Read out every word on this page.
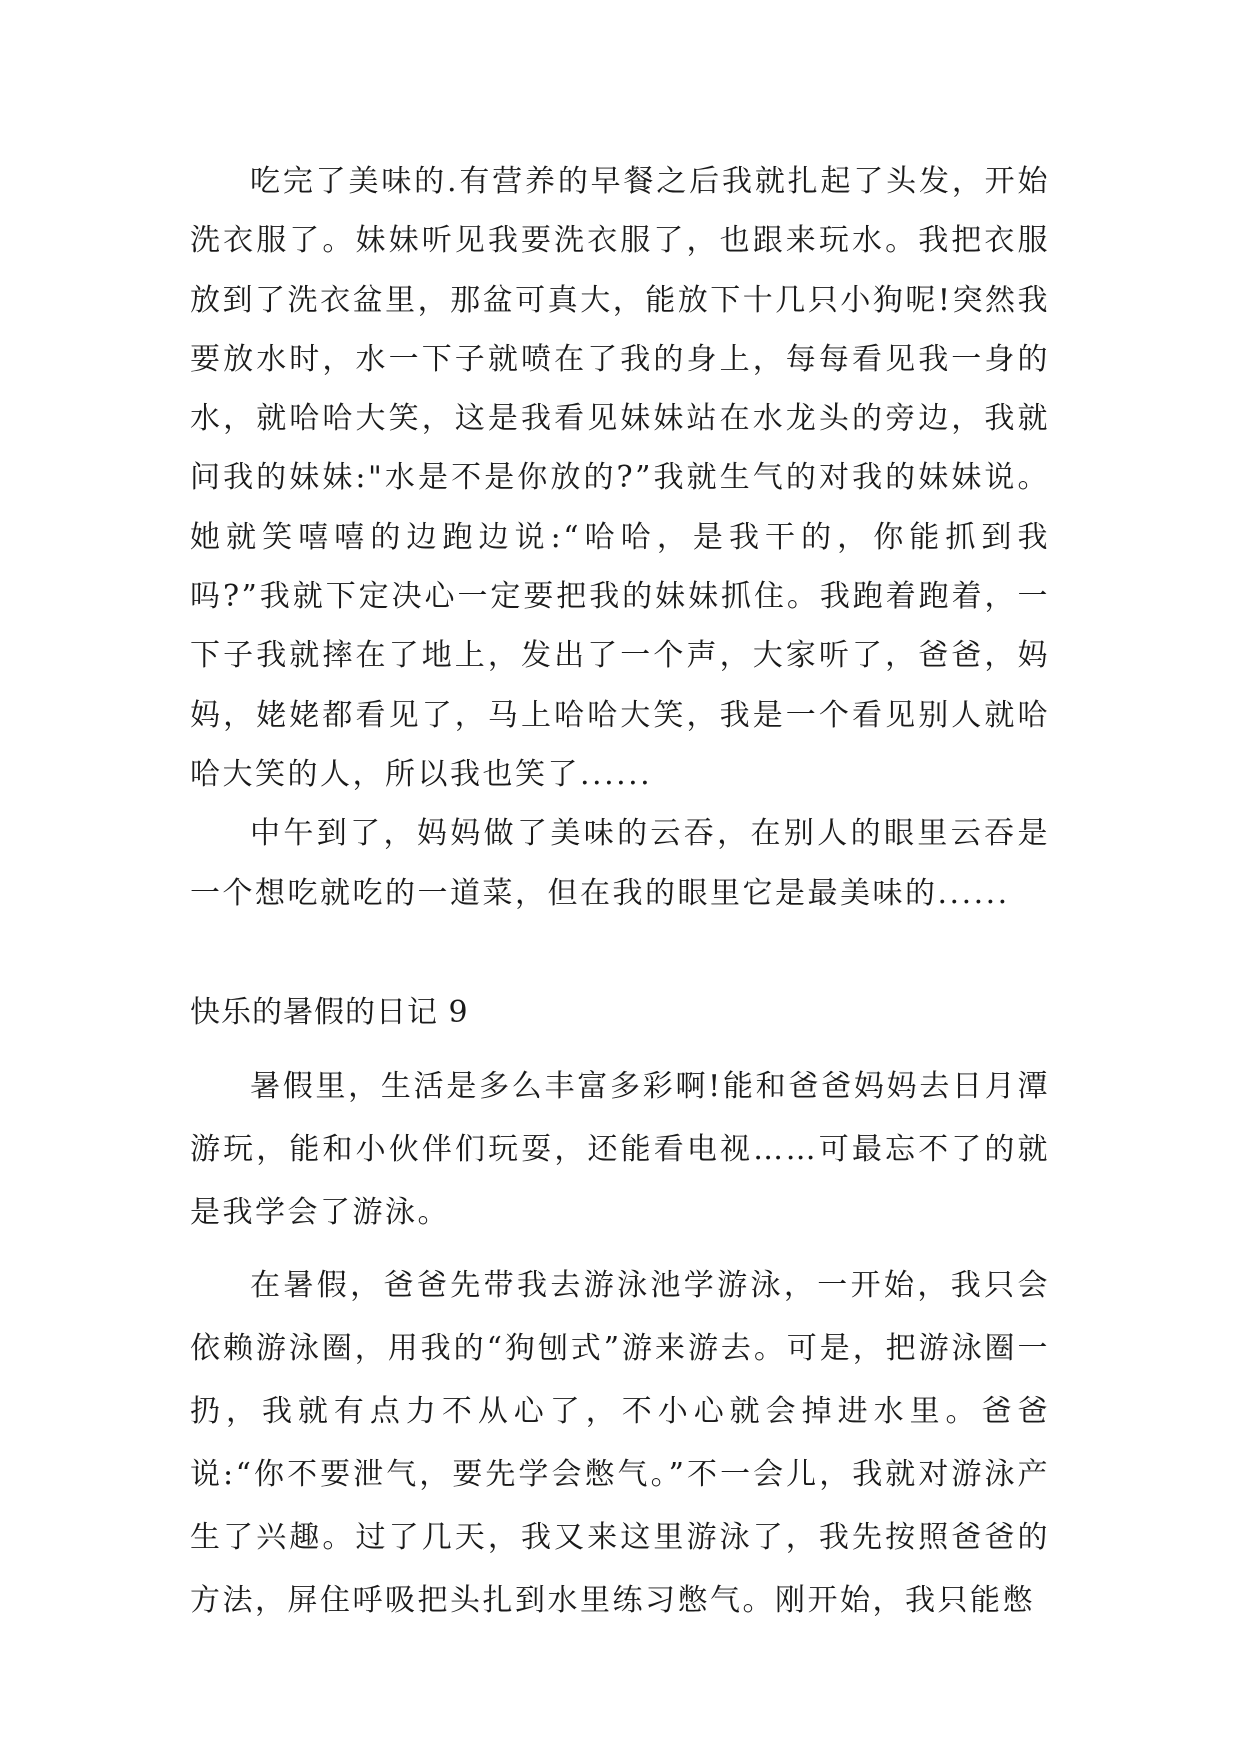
吃完了美味的.有营养的早餐之后我就扎起了头发，开始洗衣服了。妹妹听见我要洗衣服了，也跟来玩水。我把衣服放到了洗衣盆里，那盆可真大，能放下十几只小狗呢!突然我要放水时，水一下子就喷在了我的身上，每每看见我一身的水，就哈哈大笑，这是我看见妹妹站在水龙头的旁边，我就问我的妹妹:"水是不是你放的?”我就生气的对我的妹妹说。她就笑嘻嘻的边跑边说:“哈哈，是我干的，你能抓到我吗?”我就下定决心一定要把我的妹妹抓住。我跑着跑着，一下子我就摔在了地上，发出了一个声，大家听了，爸爸，妈妈，姥姥都看见了，马上哈哈大笑，我是一个看见别人就哈哈大笑的人，所以我也笑了......

中午到了，妈妈做了美味的云吞，在别人的眼里云吞是一个想吃就吃的一道菜，但在我的眼里它是最美味的......

快乐的暑假的日记 9

暑假里，生活是多么丰富多彩啊!能和爸爸妈妈去日月潭游玩，能和小伙伴们玩耍，还能看电视……可最忘不了的就是我学会了游泳。

在暑假，爸爸先带我去游泳池学游泳，一开始，我只会依赖游泳圈，用我的“狗刨式”游来游去。可是，把游泳圈一扔，我就有点力不从心了，不小心就会掉进水里。爸爸说:“你不要泄气，要先学会憋气。”不一会儿，我就对游泳产生了兴趣。过了几天，我又来这里游泳了，我先按照爸爸的方法，屏住呼吸把头扎到水里练习憋气。刚开始，我只能憋
